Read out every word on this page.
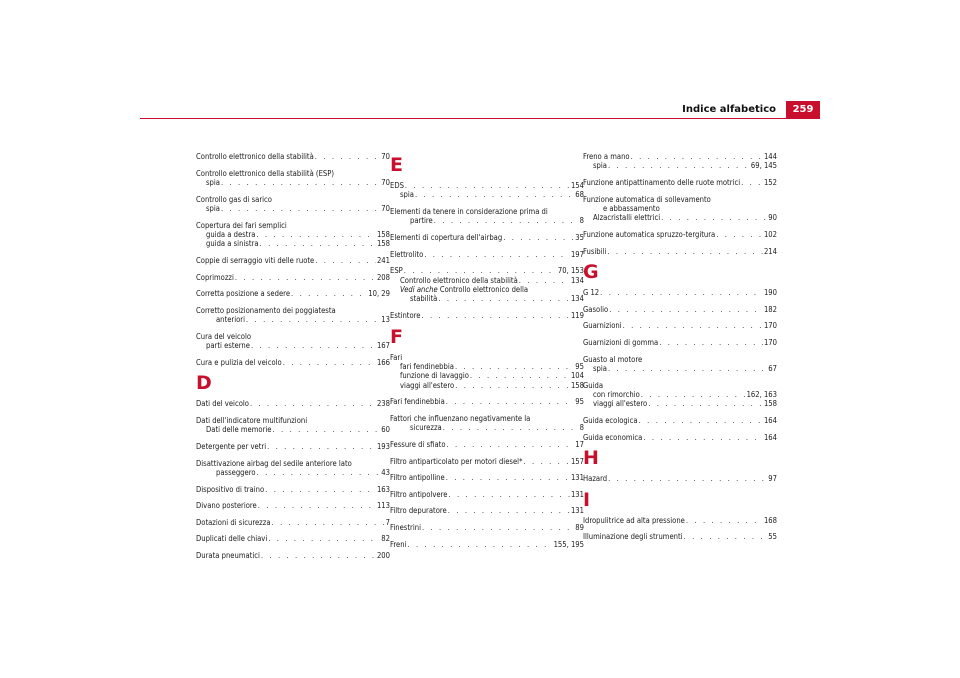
Indice alfabetico	259
Controllo elettronico della stabilità . . .	70
Controllo elettronico della stabilità (ESP)
spia . . .	70
Controllo gas di sarico
spia . . .	70
Copertura dei fari semplici
guida a destra . . .	158
guida a sinistra . . .	158
Coppie di serraggio viti delle ruote . . .	241
Coprimozzi . . .	208
Corretta posizione a sedere . . .	10, 29
Corretto posizionamento dei poggiatesta
anteriori . . .	13
Cura del veicolo
parti esterne . . .	167
Cura e pulizia del veicolo . . .	166
D
Dati del veicolo . . .	238
Dati dell'indicatore multifunzioni
Dati delle memorie . . .	60
Detergente per vetri . . .	193
Disattivazione airbag del sedile anteriore lato
passeggero . . .	43
Dispositivo di traino . . .	163
Divano posteriore . . .	113
Dotazioni di sicurezza . . .	7
Duplicati delle chiavi . . .	82
Durata pneumatici . . .	200
E
EDS . . .	154
spia . . .	68
Elementi da tenere in considerazione prima di
partire . . .	8
Elementi di copertura dell'airbag . . .	35
Elettrolito . . .	197
ESP . . .	70, 153
Controllo elettronico della stabilità . . .	134
Vedi anche Controllo elettronico della
stabilità . . .	134
Estintore . . .	119
F
Fari
fari fendinebbia . . .	95
funzione di lavaggio . . .	104
viaggi all'estero . . .	158
Fari fendinebbia . . .	95
Fattori che influenzano negativamente la
sicurezza . . .	8
Fessure di sfiato . . .	17
Filtro antiparticolato per motori diesel* . . .	157
Filtro antipolline . . .	131
Filtro antipolvere . . .	131
Filtro depuratore . . .	131
Finestrini . . .	89
Freni . . .	155, 195
Freno a mano . . .	144
spia . . .	69, 145
Funzione antipattinamento delle ruote motrici . . .	152
Funzione automatica di sollevamento
e abbassamento
Alzacristalli elettrici . . .	90
Funzione automatica spruzzo-tergitura . . .	102
Fusibili . . .	214
G
G 12 . . .	190
Gasolio . . .	182
Guarnizioni . . .	170
Guarnizioni di gomma . . .	170
Guasto al motore
spia . . .	67
Guida
con rimorchio . . .	162, 163
viaggi all'estero . . .	158
Guida ecologica . . .	164
Guida economica . . .	164
H
Hazard . . .	97
I
Idropulitrice ad alta pressione . . .	168
Illuminazione degli strumenti . . .	55
